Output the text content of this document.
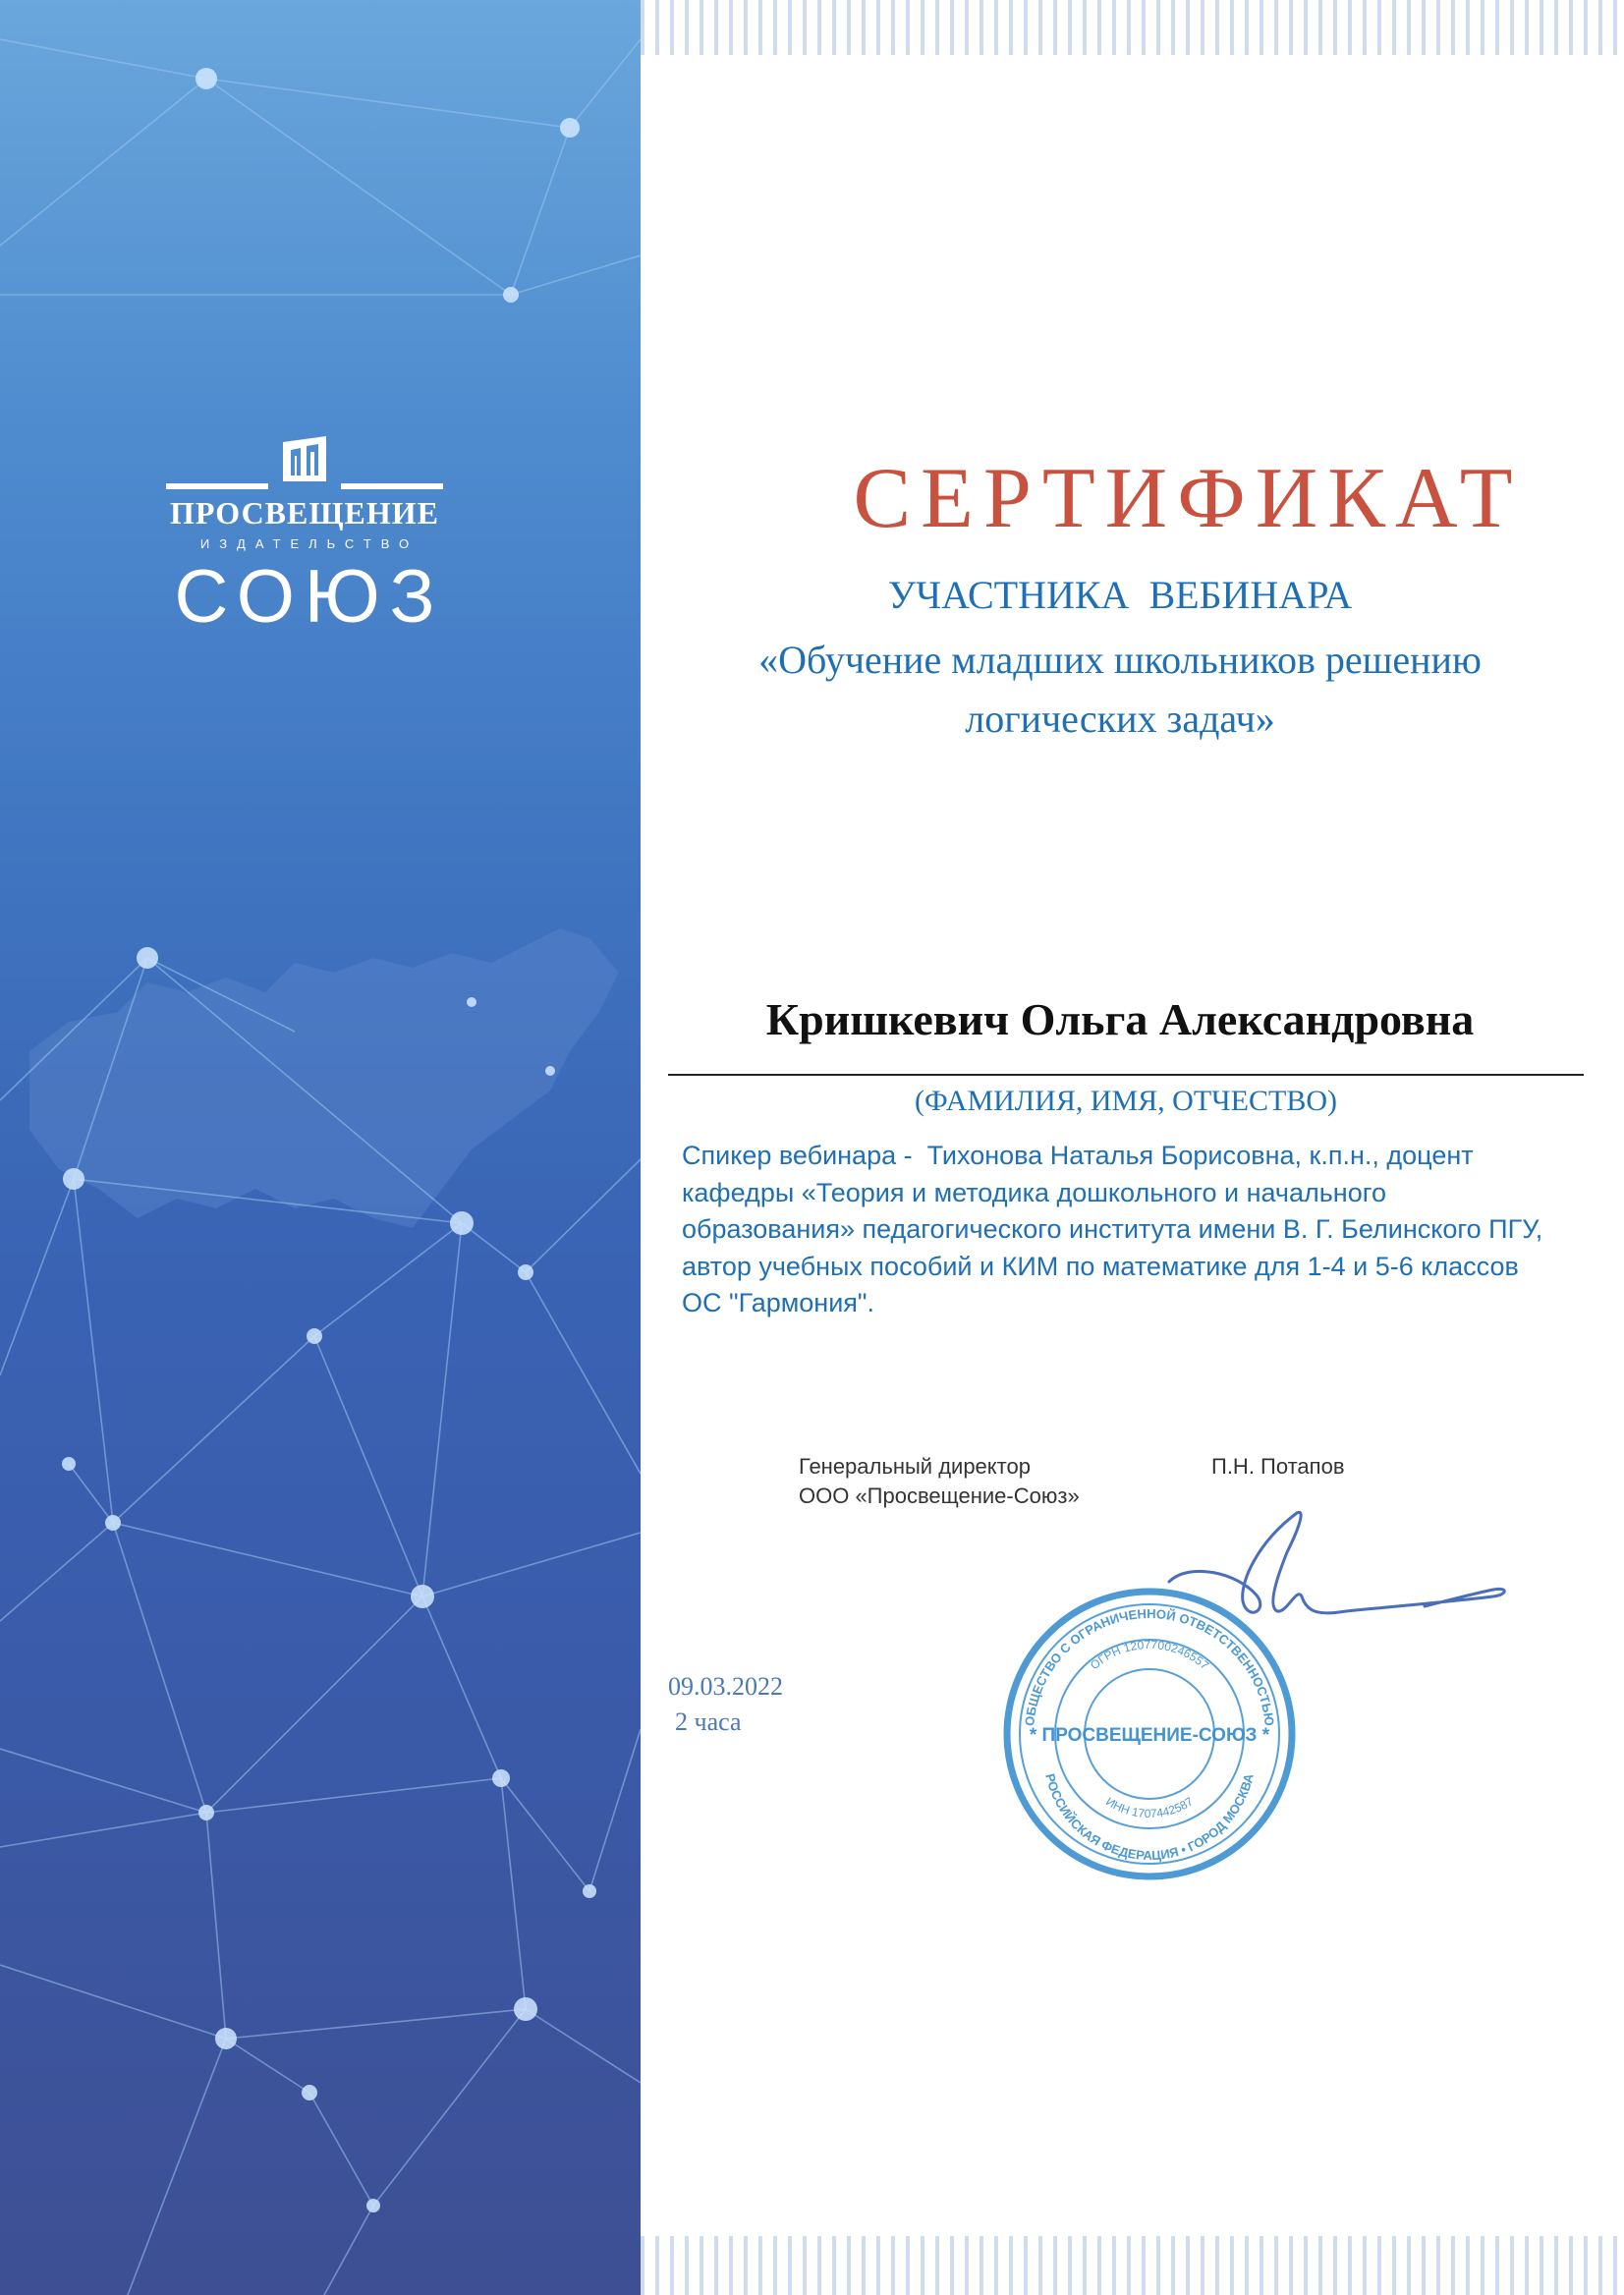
ПРОСВЕЩЕНИЕ
ИЗДАТЕЛЬСТВО
СОЮЗ
СЕРТИФИКАТ
УЧАСТНИКА  ВЕБИНАРА
«Обучение младших школьников решению
логических задач»
Кришкевич Ольга Александровна
(ФАМИЛИЯ, ИМЯ, ОТЧЕСТВО)
Спикер вебинара -  Тихонова Наталья Борисовна, к.п.н., доцент
кафедры «Теория и методика дошкольного и начального
образования» педагогического института имени В. Г. Белинского ПГУ,
автор учебных пособий и КИМ по математике для 1-4 и 5-6 классов
ОС "Гармония".
Генеральный директор
ООО «Просвещение-Союз»
П.Н. Потапов
09.03.2022
2 часа	ОБЩЕСТВО С ОГРАНИЧЕННОЙ ОТВЕТСТВЕННОСТЬЮ
РОССИЙСКАЯ ФЕДЕРАЦИЯ • ГОРОД МОСКВА
ОГРН 1207700246557
ИНН 1707442587
* ПРОСВЕЩЕНИЕ-СОЮЗ *
